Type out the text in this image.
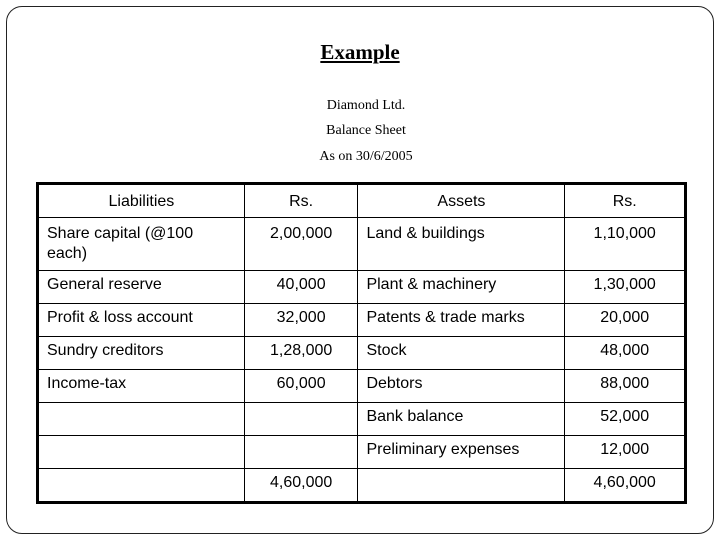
Example
Diamond Ltd.
Balance Sheet
As on 30/6/2005
Liabilities	Rs.	Assets	Rs.
Share capital (@100 each)	2,00,000	Land & buildings	1,10,000
General reserve	40,000	Plant & machinery	1,30,000
Profit & loss account	32,000	Patents & trade marks	20,000
Sundry creditors	1,28,000	Stock	48,000
Income-tax	60,000	Debtors	88,000
		Bank balance	52,000
		Preliminary expenses	12,000
	4,60,000		4,60,000
